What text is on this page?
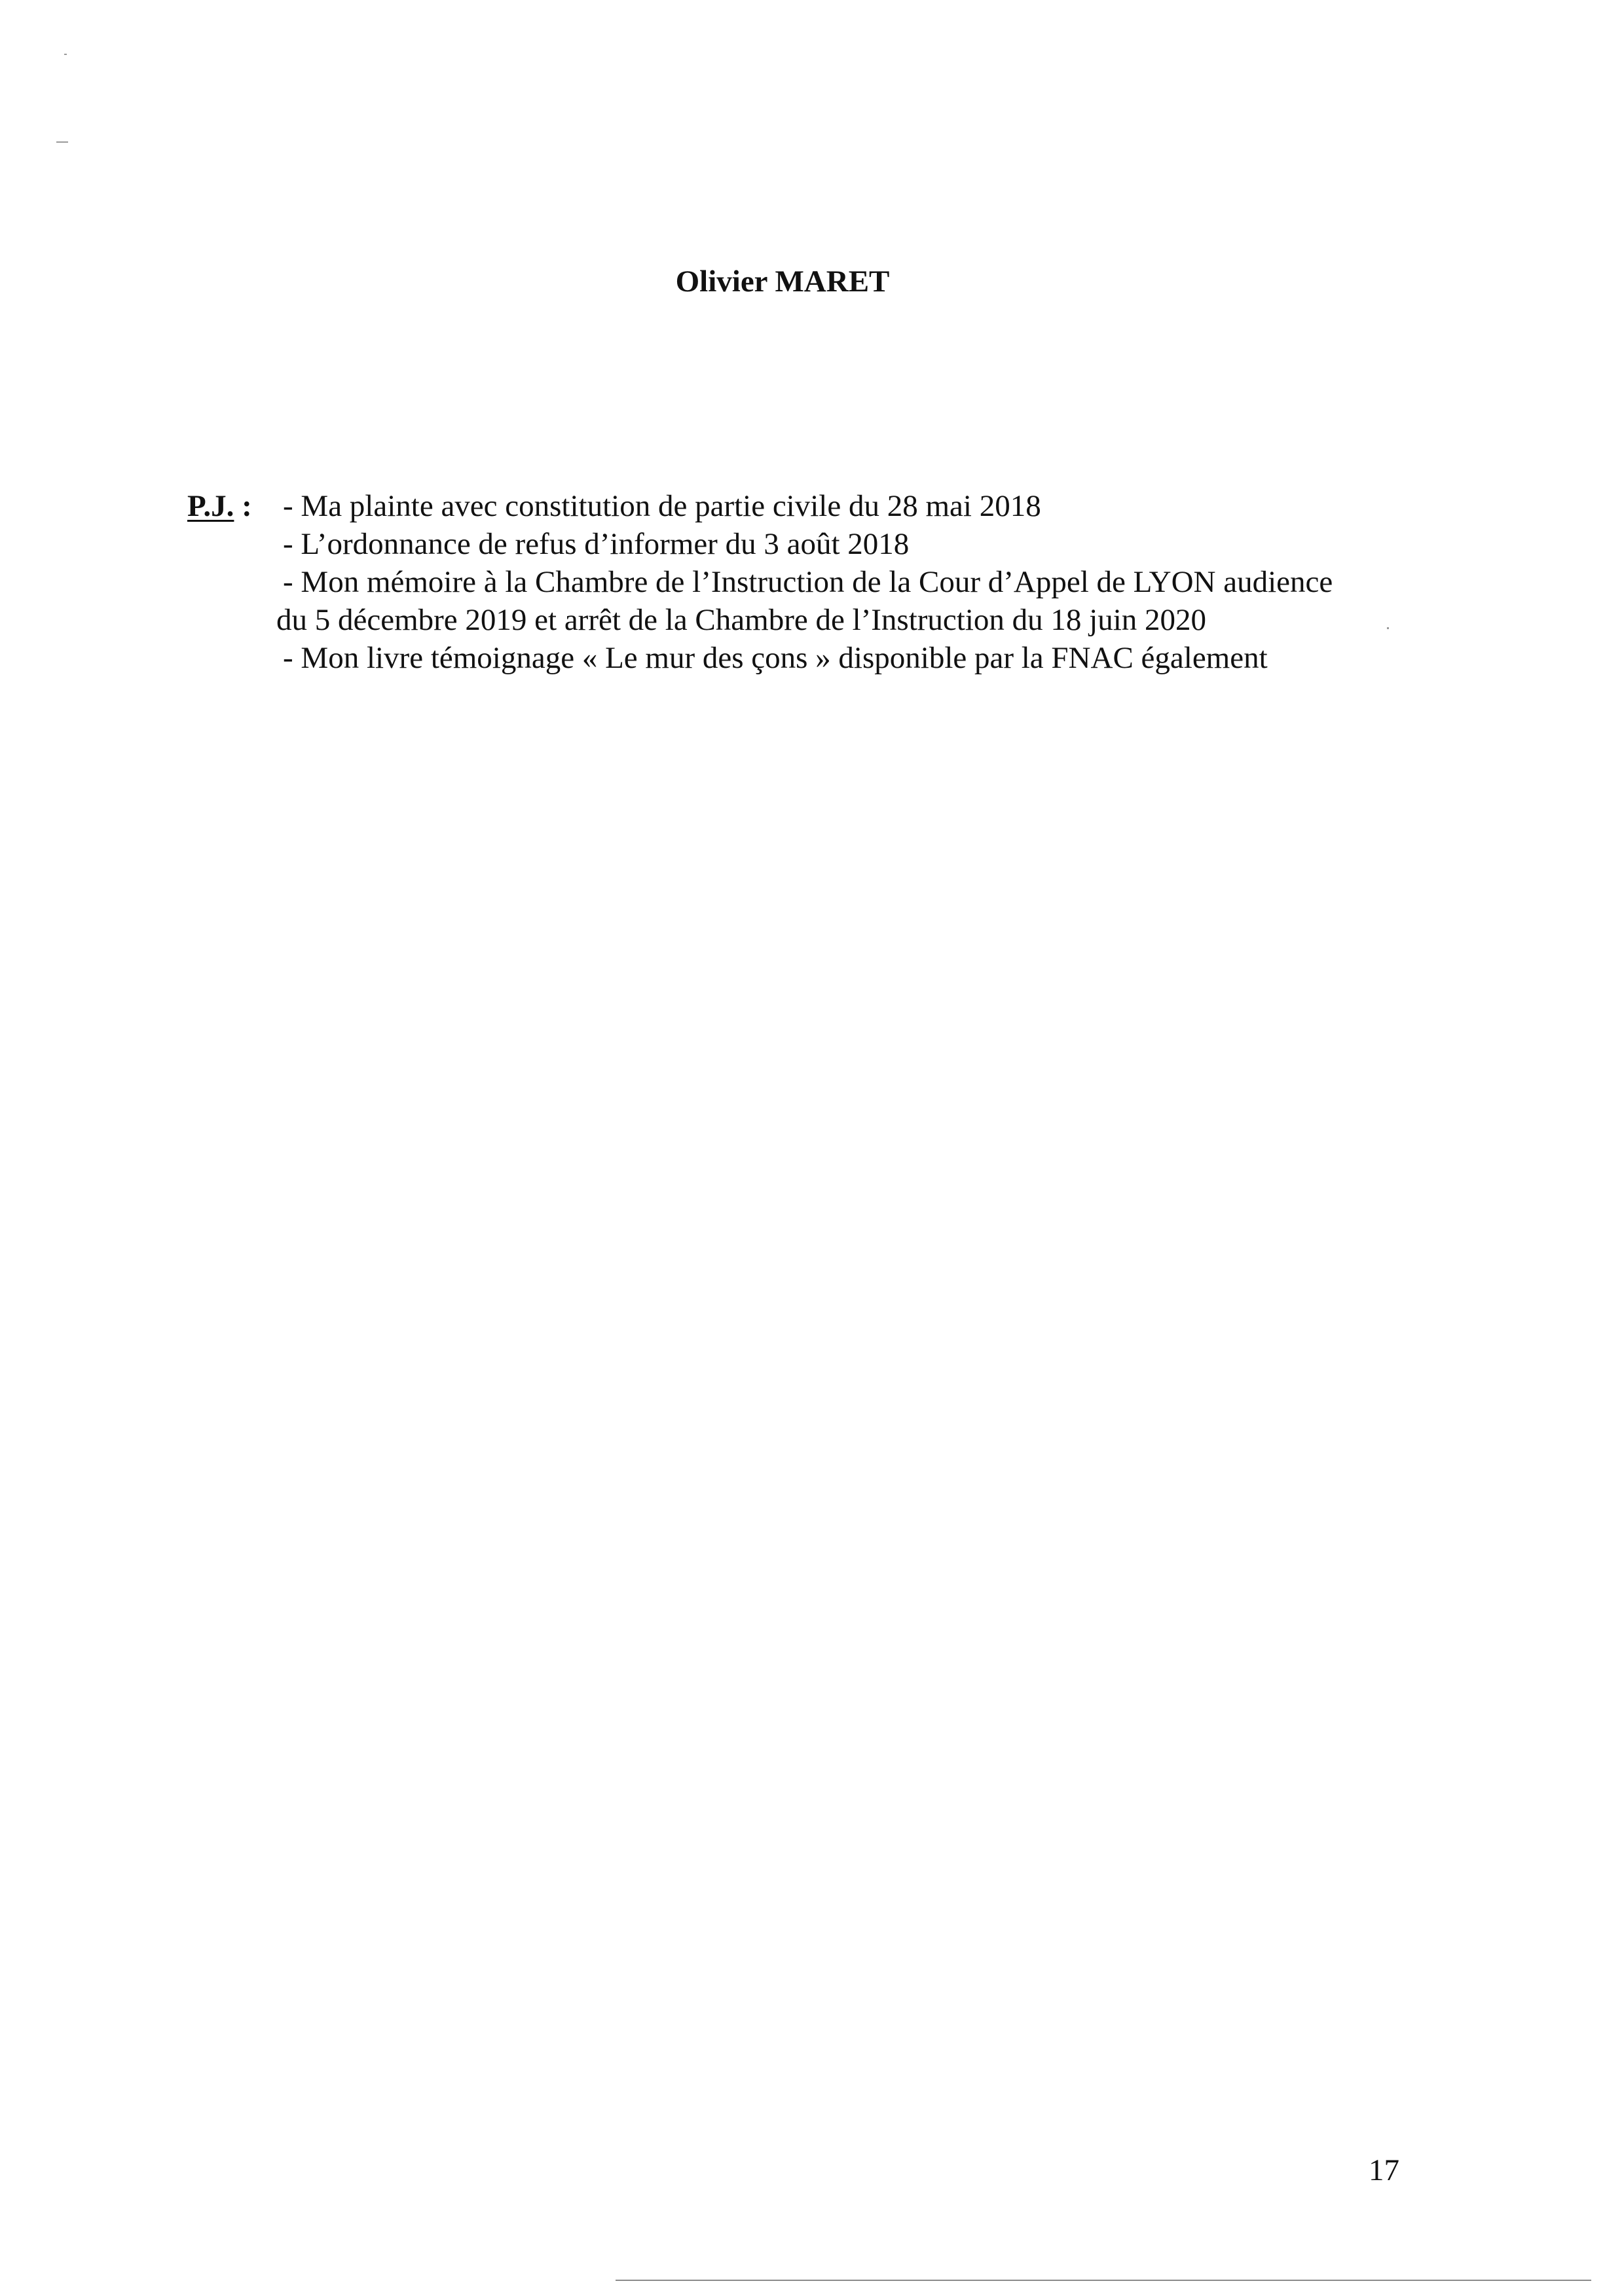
Olivier MARET
P.J. : - Ma plainte avec constitution de partie civile du 28 mai 2018
- L’ordonnance de refus d’informer du 3 août 2018
- Mon mémoire à la Chambre de l’Instruction de la Cour d’Appel de LYON audience
du 5 décembre 2019 et arrêt de la Chambre de l’Instruction du 18 juin 2020
- Mon livre témoignage « Le mur des çons » disponible par la FNAC également
17
